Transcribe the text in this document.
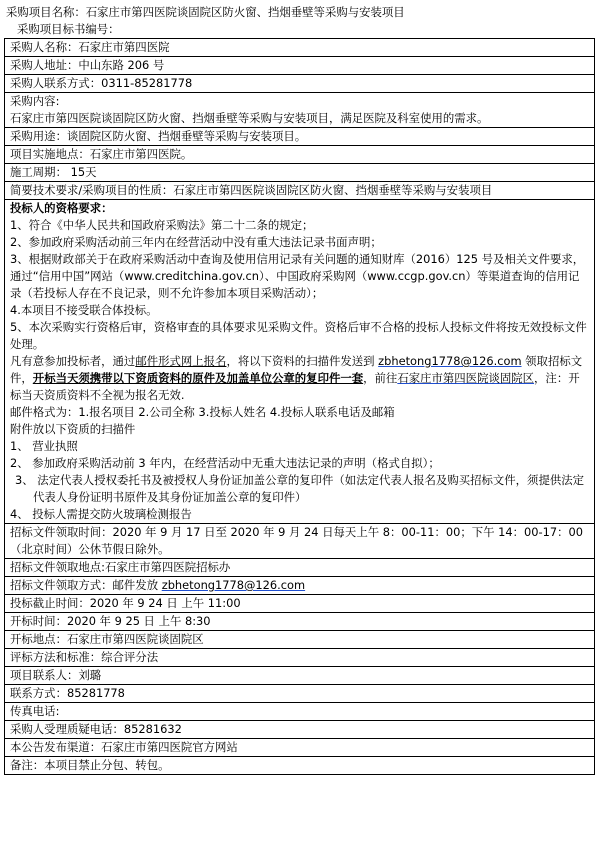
采购项目名称：石家庄市第四医院谈固院区防火窗、挡烟垂壁等采购与安装项目
采购项目标书编号：
采购人名称：石家庄市第四医院
采购人地址：中山东路 206 号
采购人联系方式：0311-85281778

采购内容:

石家庄市第四医院谈固院区防火窗、挡烟垂壁等采购与安装项目，满足医院及科室使用的需求。

采购用途：谈固院区防火窗、挡烟垂壁等采购与安装项目。
项目实施地点：石家庄市第四医院。
施工周期： 15天
简要技术要求/采购项目的性质：石家庄市第四医院谈固院区防火窗、挡烟垂壁等采购与安装项目

投标人的资格要求：

1、符合《中华人民共和国政府采购法》第二十二条的规定；

2、参加政府采购活动前三年内在经营活动中没有重大违法记录书面声明；

3、根据财政部关于在政府采购活动中查询及使用信用记录有关问题的通知财库（2016）125 号及相关文件要求，通过“信用中国”网站（www.creditchina.gov.cn）、中国政府采购网（www.ccgp.gov.cn）等渠道查询的信用记录（若投标人存在不良记录，则不允许参加本项目采购活动）；

4.本项目不接受联合体投标。

5、本次采购实行资格后审，资格审查的具体要求见采购文件。资格后审不合格的投标人投标文件将按无效投标文件处理。

凡有意参加投标者，通过邮件形式网上报名，将以下资料的扫描件发送到 zbhetong1778@126.com 领取招标文件，开标当天须携带以下资质资料的原件及加盖单位公章的复印件一套，前往石家庄市第四医院谈固院区，注：开标当天资质资料不全视为报名无效.

邮件格式为：1.报名项目 2.公司全称 3.投标人姓名 4.投标人联系电话及邮箱

附件放以下资质的扫描件

1、 营业执照

2、 参加政府采购活动前 3 年内，在经营活动中无重大违法记录的声明（格式自拟）；

3、 法定代表人授权委托书及被授权人身份证加盖公章的复印件（如法定代表人报名及购买招标文件，须提供法定代表人身份证明书原件及其身份证加盖公章的复印件）

4、 投标人需提交防火玻璃检测报告

招标文件领取时间：2020 年 9 月 17 日至 2020 年 9 月 24 日每天上午 8：00-11：00；下午 14：00-17：00（北京时间）公休节假日除外。
招标文件领取地点:石家庄市第四医院招标办
招标文件领取方式：邮件发放 zbhetong1778@126.com
投标截止时间：2020 年 9 24 日 上午 11:00
开标时间：2020 年 9 25 日 上午 8:30
开标地点：石家庄市第四医院谈固院区
评标方法和标准：综合评分法
项目联系人：刘璐
联系方式：85281778
传真电话:
采购人受理质疑电话：85281632
本公告发布渠道：石家庄市第四医院官方网站
备注：本项目禁止分包、转包。
